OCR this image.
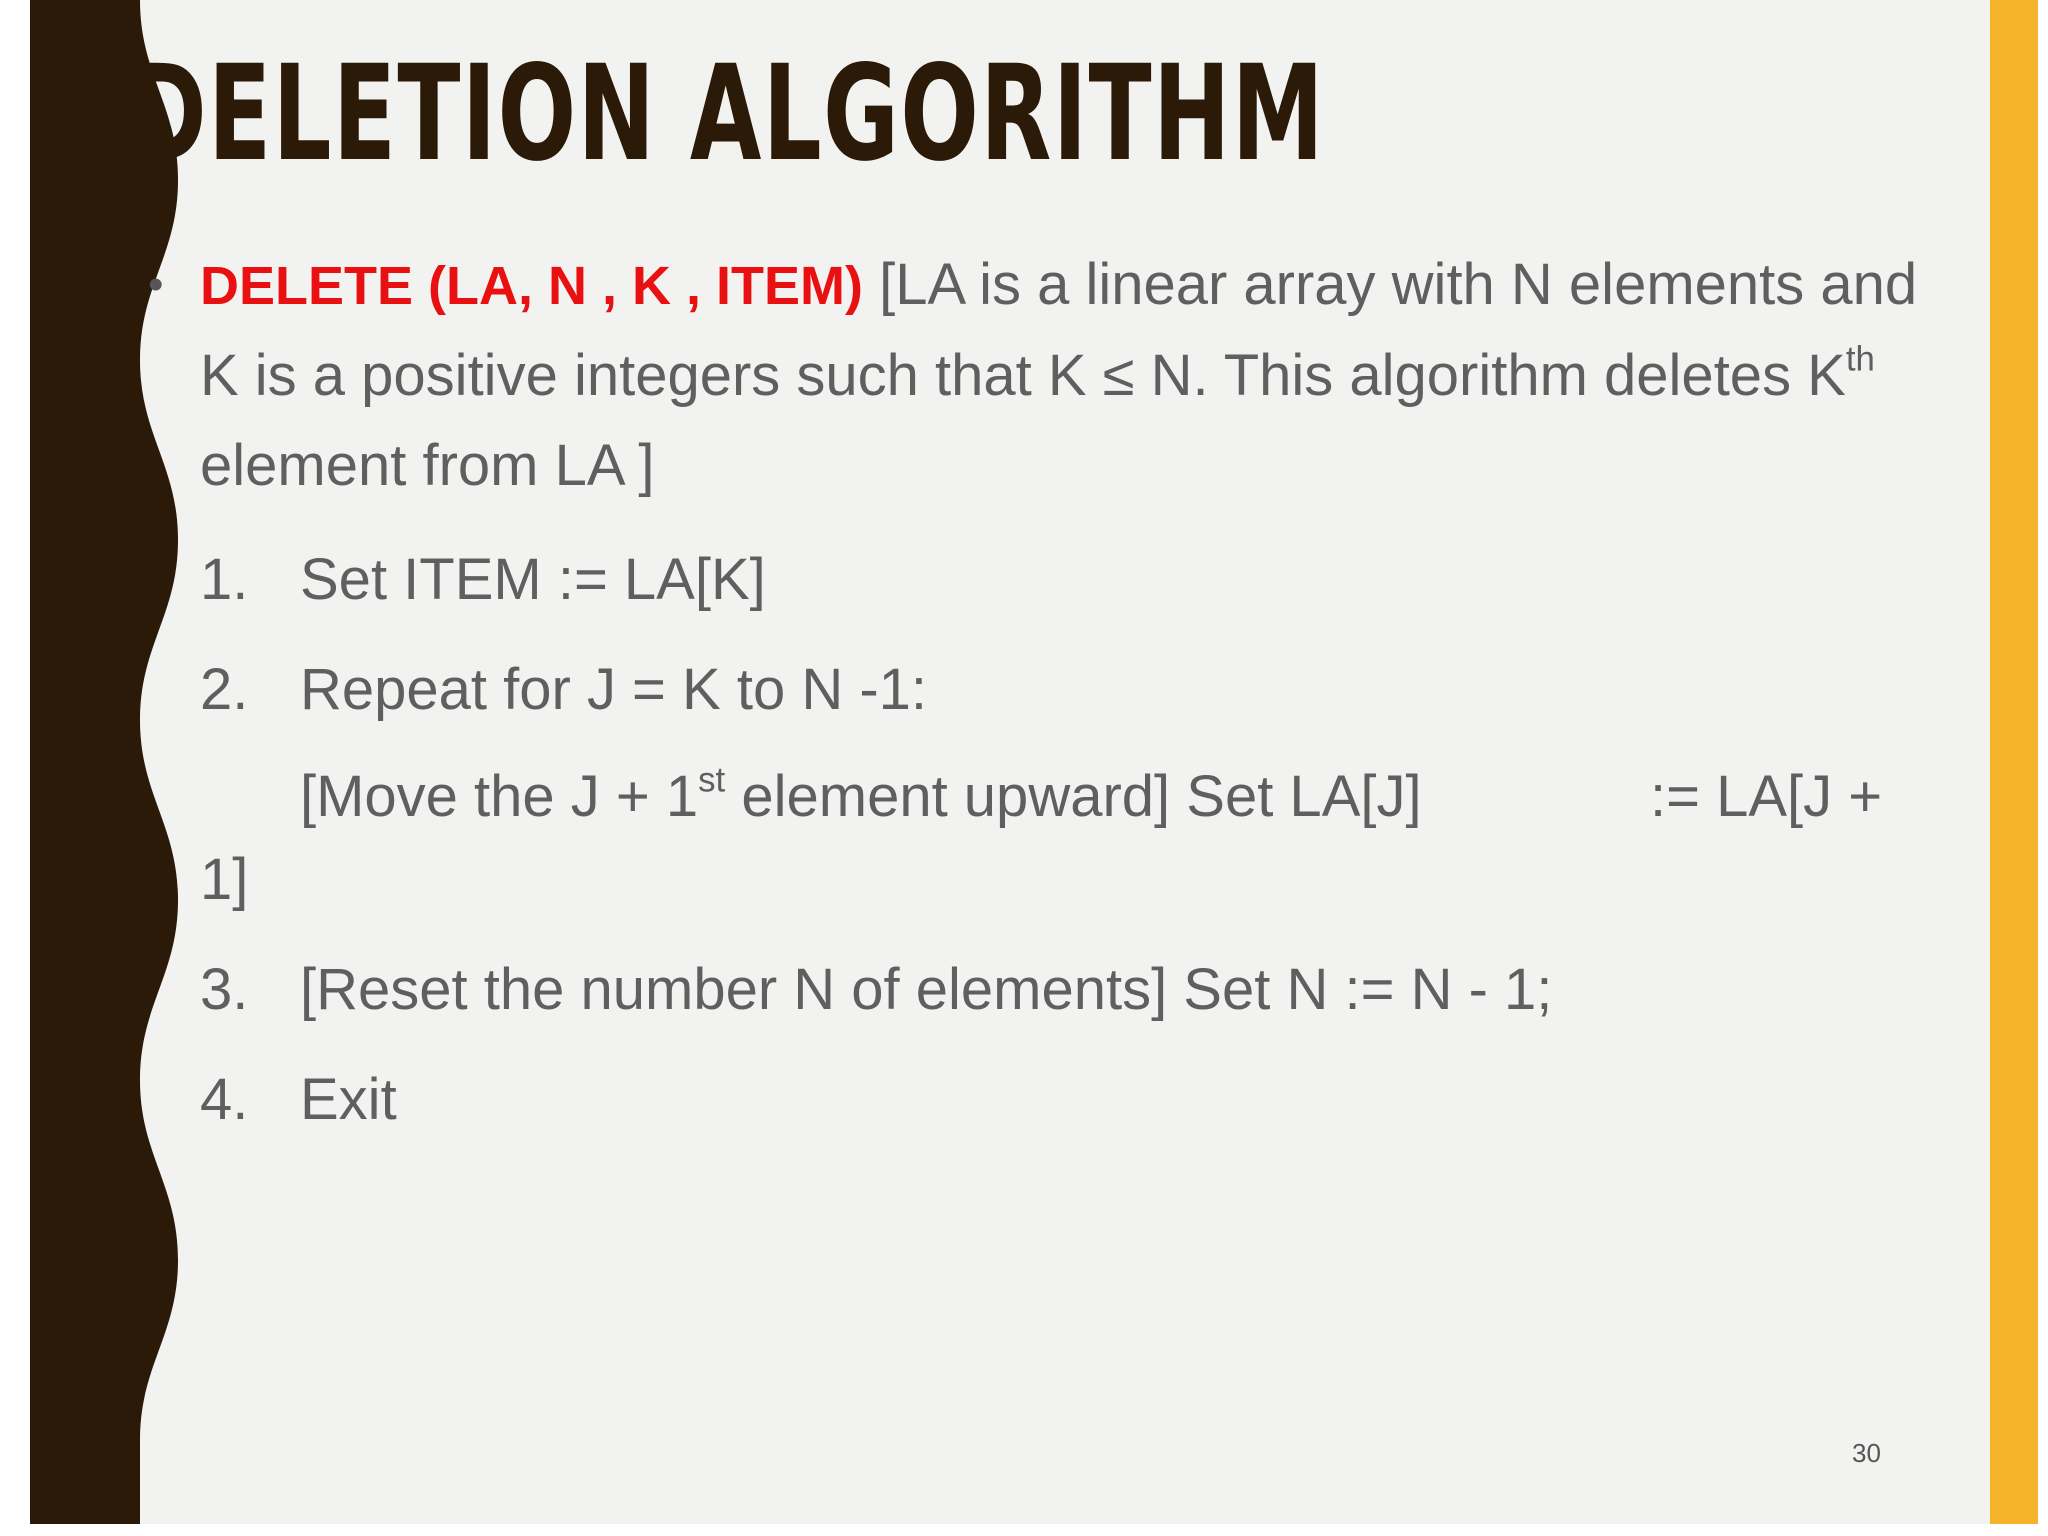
DELETION ALGORITHM

• DELETE (LA, N , K , ITEM) [LA is a linear array with N elements and K is a positive integers such that K ≤ N. This algorithm deletes $K^{th}$ element from LA ]

1. Set ITEM := LA[K]
2. Repeat for J = K to N -1:
[Move the J + 1st element upward] Set LA[J]	:= LA[J +
1]
3. [Reset the number N of elements] Set N := N - 1;
4. Exit
30
